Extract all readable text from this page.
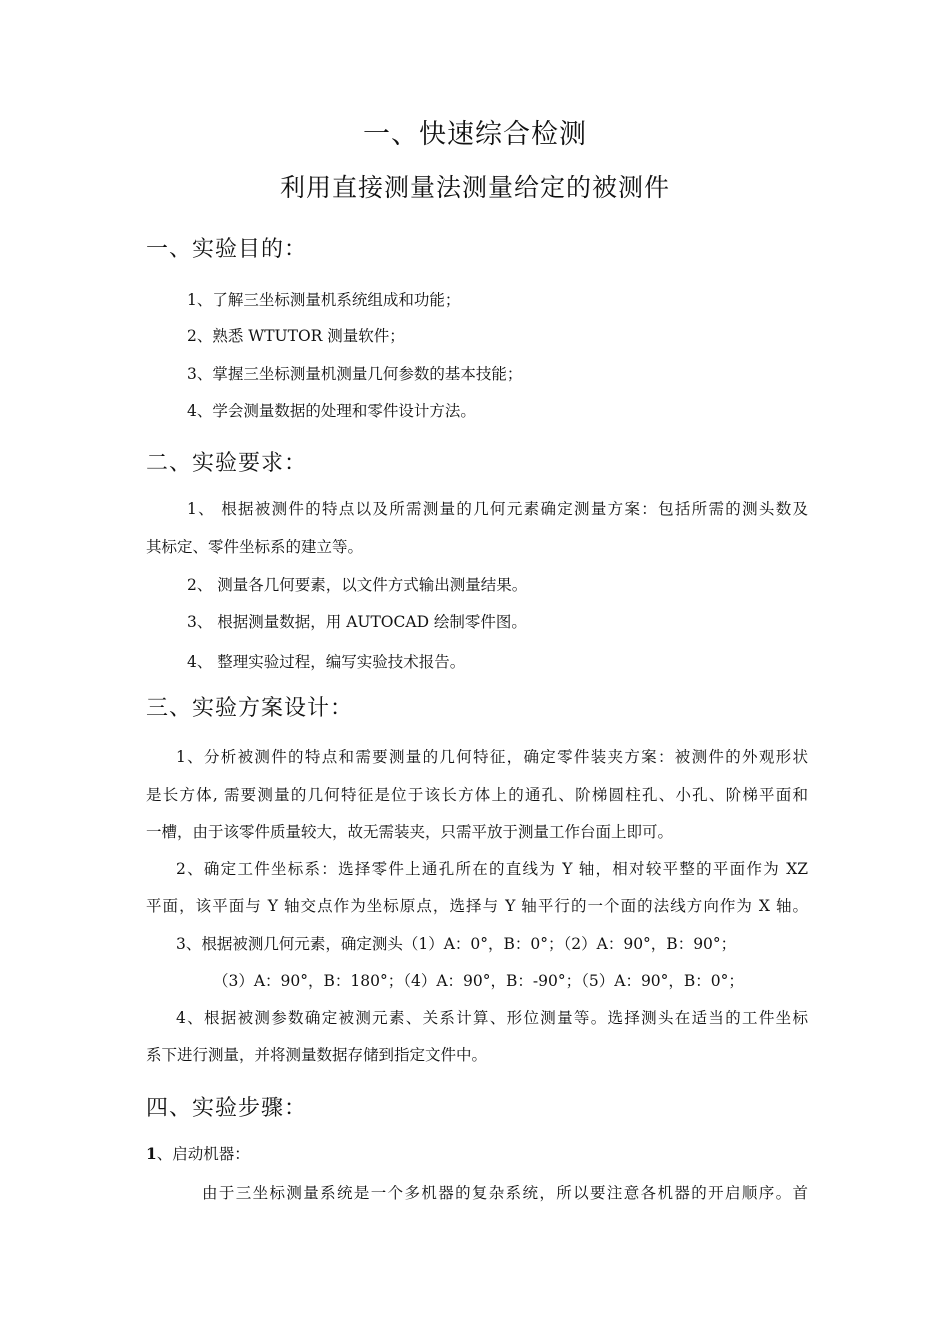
一、快速综合检测
利用直接测量法测量给定的被测件
一、实验目的：
1、了解三坐标测量机系统组成和功能；
2、熟悉 WTUTOR 测量软件；
3、掌握三坐标测量机测量几何参数的基本技能；
4、学会测量数据的处理和零件设计方法。
二、实验要求：
1、 根据被测件的特点以及所需测量的几何元素确定测量方案：包括所需的测头数及
其标定、零件坐标系的建立等。
2、 测量各几何要素，以文件方式输出测量结果。
3、 根据测量数据，用 AUTOCAD 绘制零件图。
4、 整理实验过程，编写实验技术报告。
三、实验方案设计：
1、分析被测件的特点和需要测量的几何特征，确定零件装夹方案：被测件的外观形状
是长方体, 需要测量的几何特征是位于该长方体上的通孔、阶梯圆柱孔、小孔、阶梯平面和
一槽，由于该零件质量较大，故无需装夹，只需平放于测量工作台面上即可。
2、确定工件坐标系：选择零件上通孔所在的直线为 Y 轴，相对较平整的平面作为 XZ
平面，该平面与 Y 轴交点作为坐标原点，选择与 Y 轴平行的一个面的法线方向作为 X 轴。
3、根据被测几何元素，确定测头（1）A：0°，B：0°；（2）A：90°，B：90°；
（3）A：90°，B：180°；（4）A：90°，B：-90°；（5）A：90°，B：0°；
4、根据被测参数确定被测元素、关系计算、形位测量等。选择测头在适当的工件坐标
系下进行测量，并将测量数据存储到指定文件中。
四、实验步骤：
1、启动机器：
由于三坐标测量系统是一个多机器的复杂系统，所以要注意各机器的开启顺序。首
